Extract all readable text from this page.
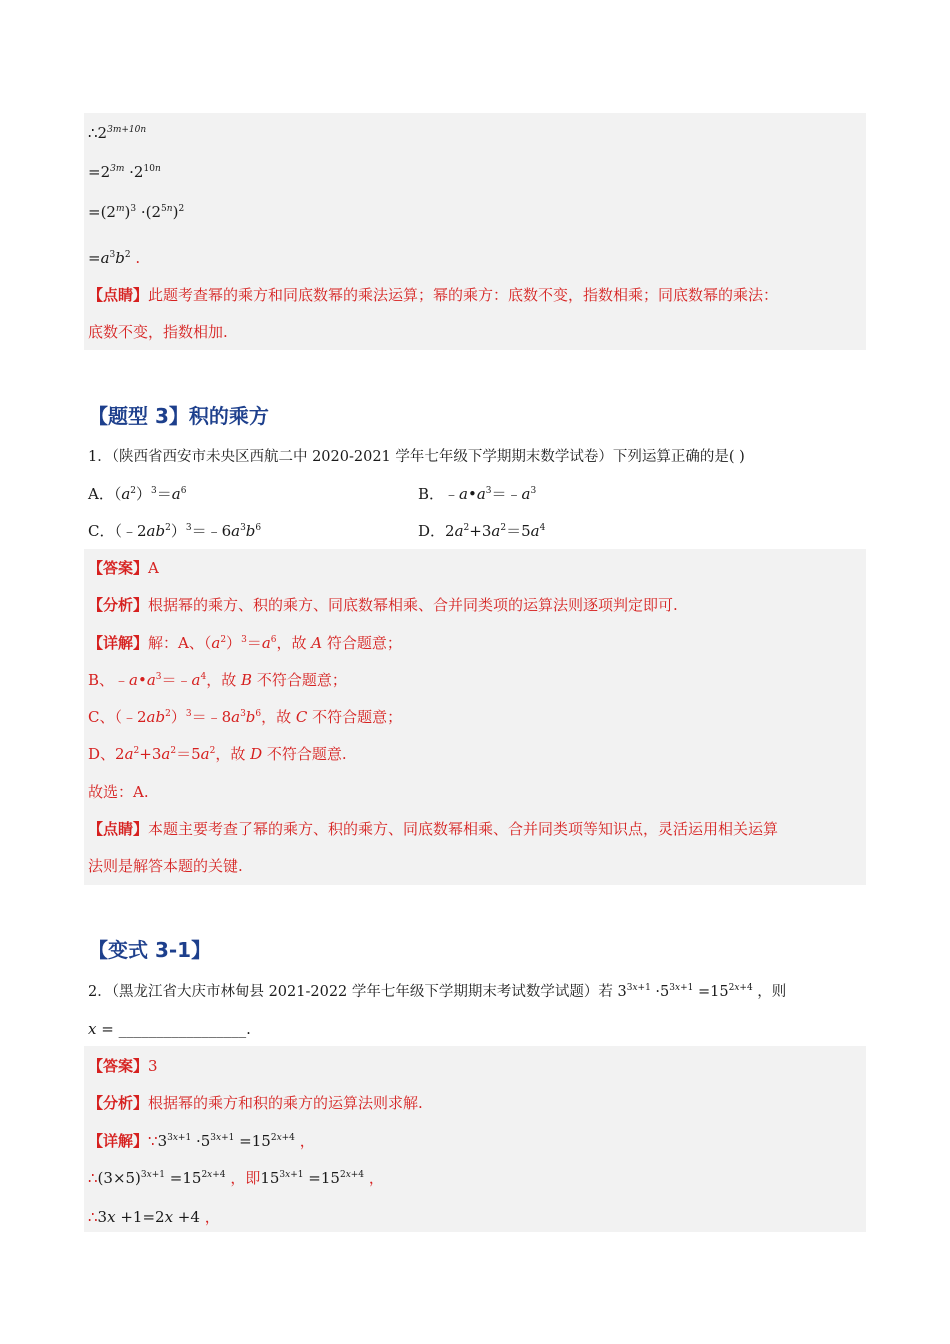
$\therefore 2^{3m+10n}$
$=2^{3m} \cdot 2^{10n}$
$=(2^m)^3 \cdot(2^{5n})^2$
$=a^3b^2$ .
【点睛】此题考查幂的乘方和同底数幂的乘法运算；幂的乘方：底数不变，指数相乘；同底数幂的乘法：
底数不变，指数相加.
【题型 3】积的乘方
1．（陕西省西安市未央区西航二中 2020-2021 学年七年级下学期期末数学试卷）下列运算正确的是( )
A．$(a^2)^3=a^6$	B．$﹣a•a^3=﹣a^3$
C．$(﹣2ab^2)^3=﹣6a^3b^6$	D．$2a^2+3a^2=5a^4$
【答案】A
【分析】根据幂的乘方、积的乘方、同底数幂相乘、合并同类项的运算法则逐项判定即可.
【详解】解：A、$(a^2)^3=a^6$，故 A 符合题意；
B、$﹣a•a^3=﹣a^4$，故 B 不符合题意；
C、$(﹣2ab^2)^3=﹣8a^3b^6$，故 C 不符合题意；
D、$2a^2+3a^2=5a^2$，故 D 不符合题意.
故选：A.
【点睛】本题主要考查了幂的乘方、积的乘方、同底数幂相乘、合并同类项等知识点，灵活运用相关运算
法则是解答本题的关键.
【变式 3-1】
2．（黑龙江省大庆市林甸县 2021-2022 学年七年级下学期期末考试数学试题）若 $3^{3x+1} \cdot 5^{3x+1} =15^{2x+4}$ ，则
x = _________________.
【答案】3
【分析】根据幂的乘方和积的乘方的运算法则求解.
【详解】$\because 3^{3x+1} \cdot 5^{3x+1} =15^{2x+4}$ ，
$\therefore(3\times 5)^{3x+1} =15^{2x+4}$ ，即$15^{3x+1} =15^{2x+4}$ ，
∴3x +1=2x +4 ，
